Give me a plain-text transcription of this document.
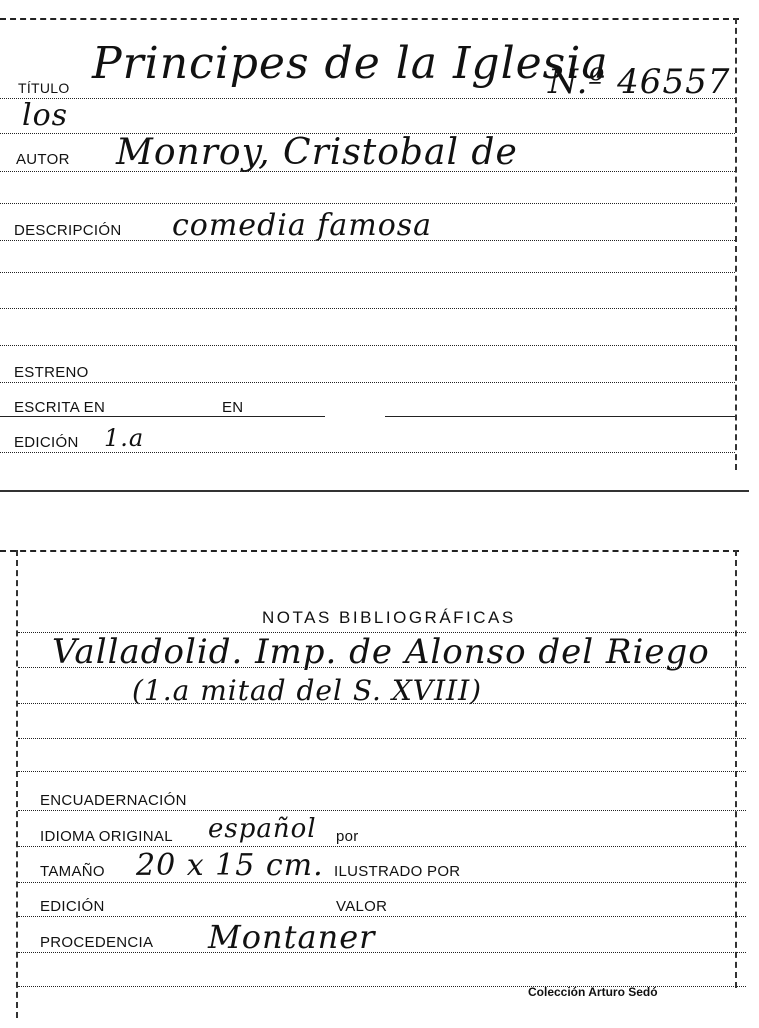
TÍTULO Principes de la Iglesia
N.º 46557
los
AUTOR Monroy, Cristobal de
DESCRIPCIÓN comedia famosa
ESTRENO
ESCRITA EN	EN
EDICIÓN 1.a
NOTAS BIBLIOGRÁFICAS
Valladolid. Imp. de Alonso del Riego
(1.a mitad del S. XVIII)
ENCUADERNACIÓN
IDIOMA ORIGINAL español por
TAMAÑO 20 x 15 cm. ILUSTRADO POR
EDICIÓN	VALOR
PROCEDENCIA Montaner
Colección Arturo Sedó
